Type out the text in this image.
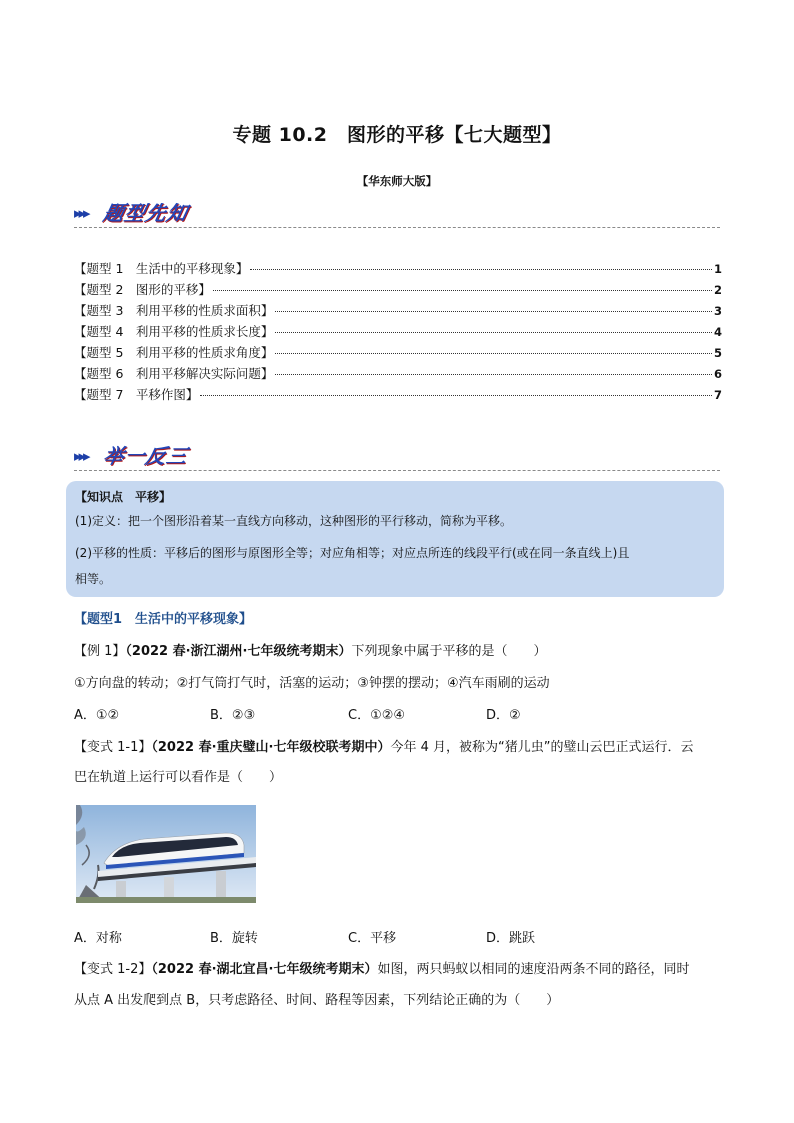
专题 10.2　图形的平移【七大题型】
【华东师大版】
▸▸▸ 题型先知
【题型 1　生活中的平移现象】	1
【题型 2　图形的平移】	2
【题型 3　利用平移的性质求面积】	3
【题型 4　利用平移的性质求长度】	4
【题型 5　利用平移的性质求角度】	5
【题型 6　利用平移解决实际问题】	6
【题型 7　平移作图】	7
▸▸▸ 举一反三
【知识点　平移】
(1)定义：把一个图形沿着某一直线方向移动，这种图形的平行移动，简称为平移。
(2)平移的性质：平移后的图形与原图形全等；对应角相等；对应点所连的线段平行(或在同一条直线上)且
相等。
【题型1　生活中的平移现象】
【例 1】（2022 春·浙江湖州·七年级统考期末）下列现象中属于平移的是（　　）
①方向盘的转动；②打气筒打气时，活塞的运动；③钟摆的摆动；④汽车雨刷的运动
A．①②	B．②③	C．①②④	D．②
【变式 1-1】（2022 春·重庆璧山·七年级校联考期中）今年 4 月，被称为“猪儿虫”的璧山云巴正式运行．云
巴在轨道上运行可以看作是（　　）
A．对称	B．旋转	C．平移	D．跳跃
【变式 1-2】（2022 春·湖北宜昌·七年级统考期末）如图，两只蚂蚁以相同的速度沿两条不同的路径，同时
从点 A 出发爬到点 B，只考虑路径、时间、路程等因素，下列结论正确的为（　　）
